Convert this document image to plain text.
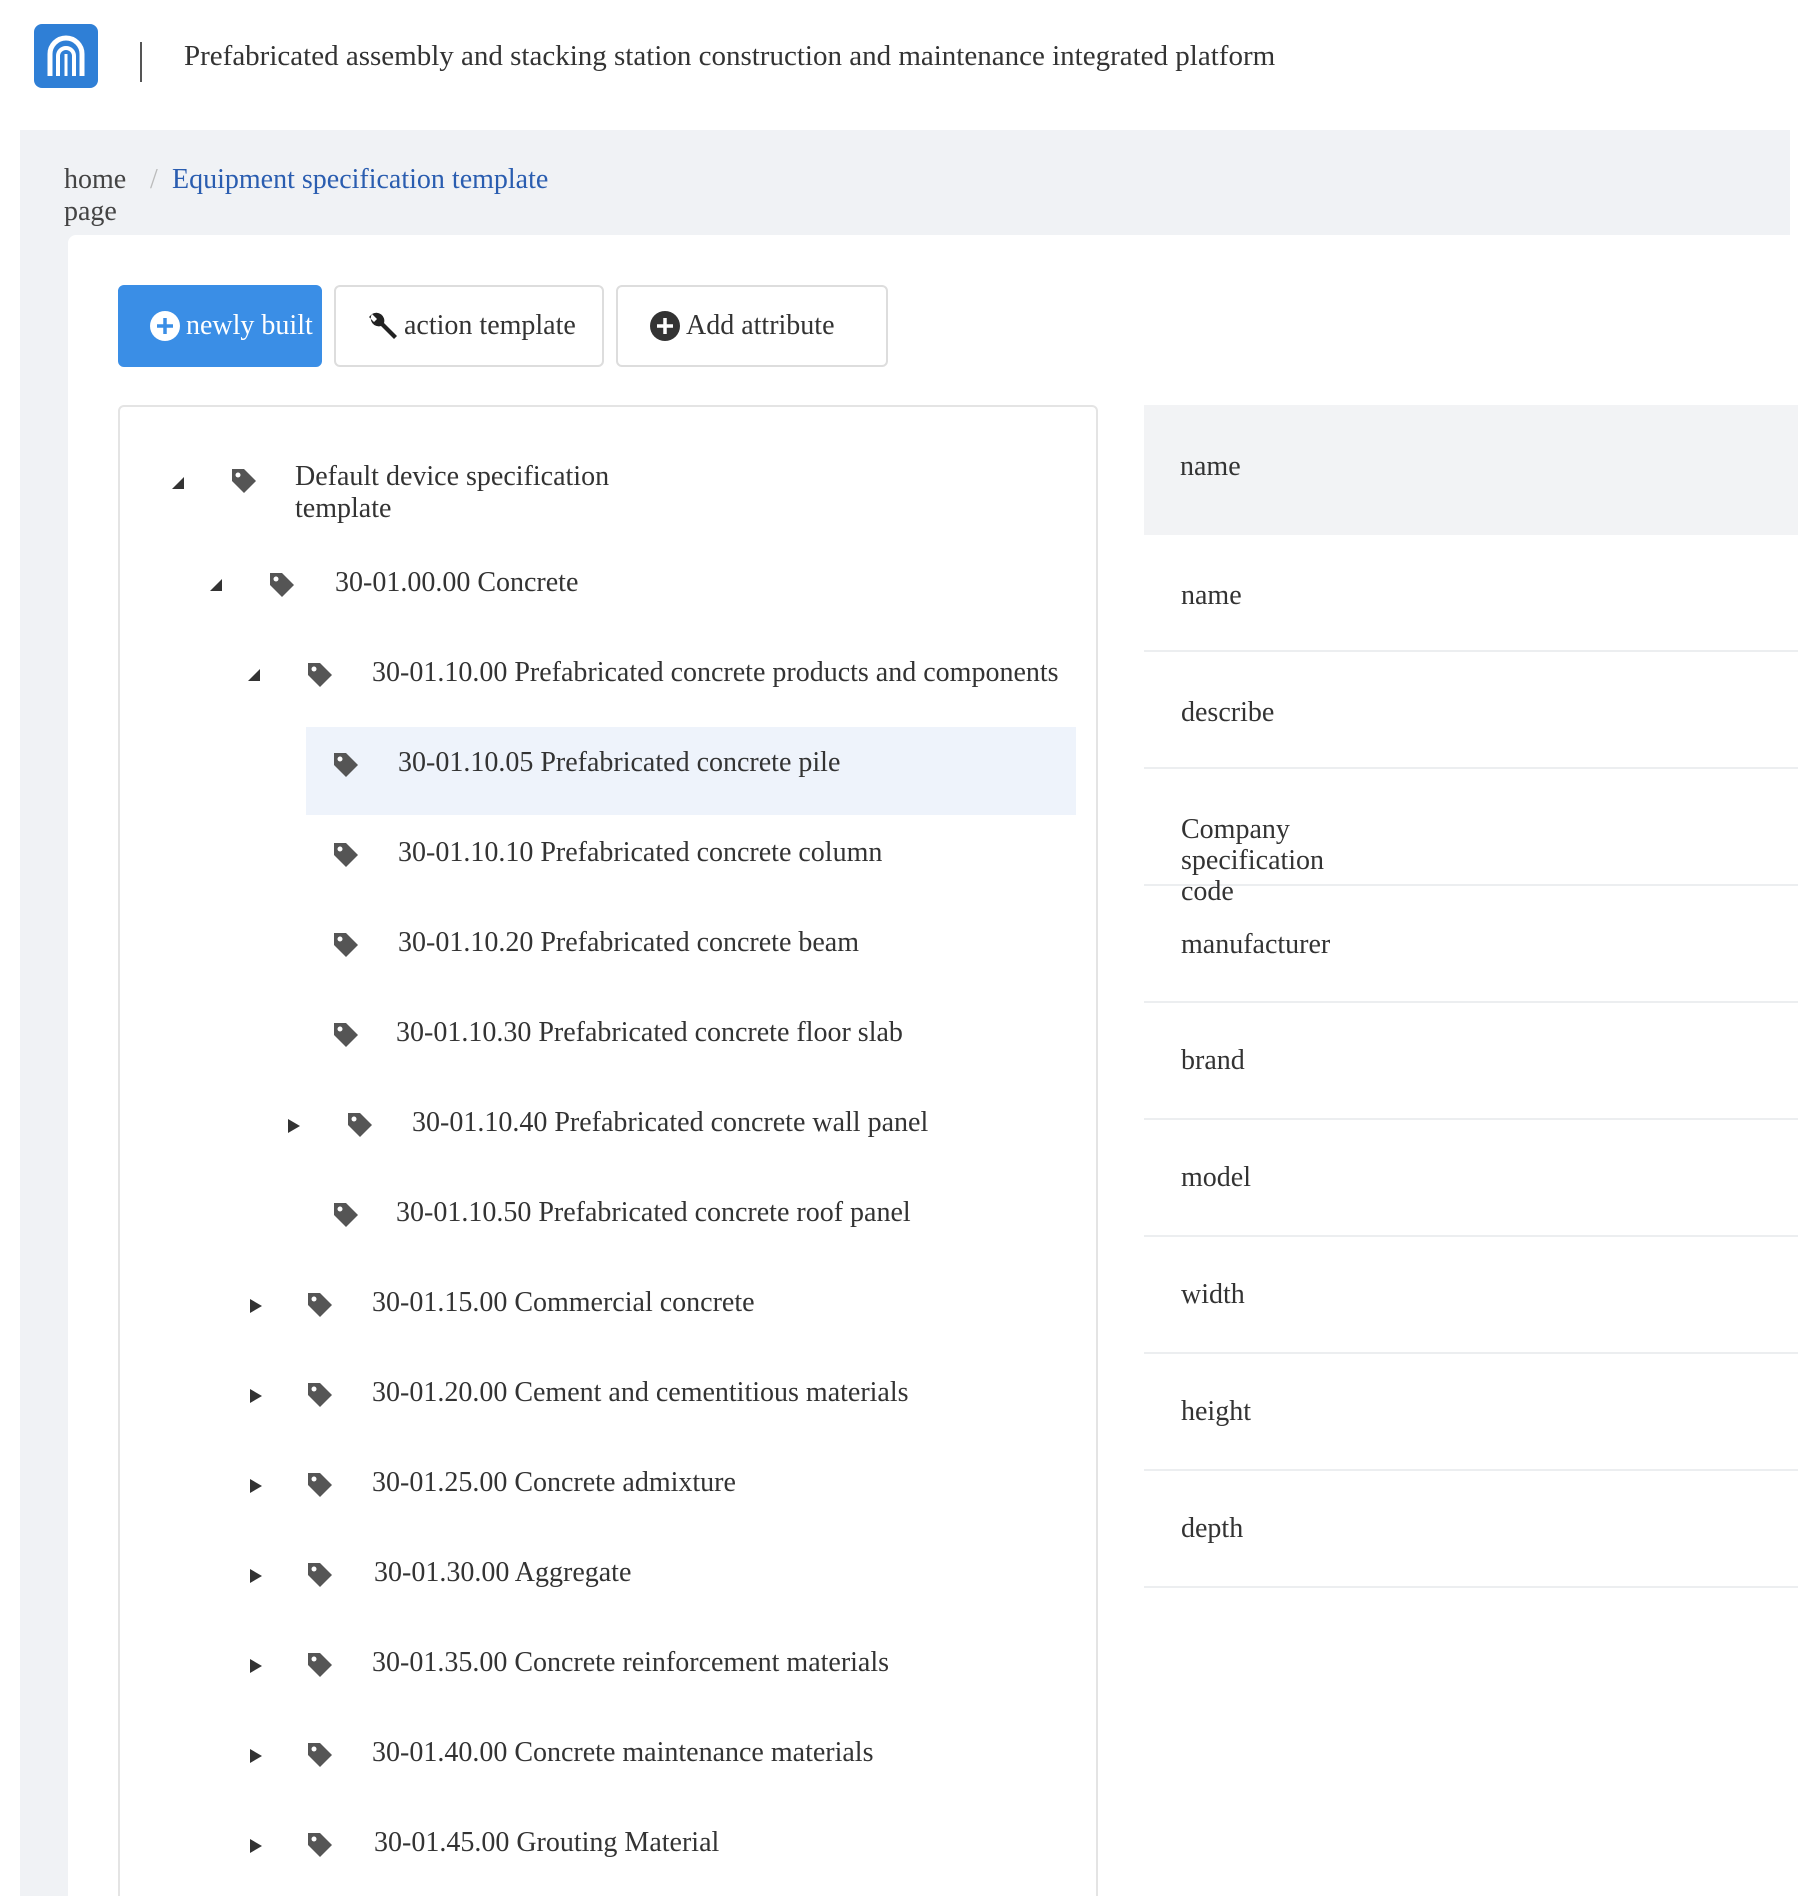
Prefabricated assembly and stacking station construction and maintenance integrated platform
home page
/ Equipment specification template
newly built	action template	Add attribute
Default device specification template
30-01.00.00 Concrete
30-01.10.00 Prefabricated concrete products and components
30-01.10.05 Prefabricated concrete pile
30-01.10.10 Prefabricated concrete column
30-01.10.20 Prefabricated concrete beam
30-01.10.30 Prefabricated concrete floor slab
30-01.10.40 Prefabricated concrete wall panel
30-01.10.50 Prefabricated concrete roof panel
30-01.15.00 Commercial concrete
30-01.20.00 Cement and cementitious materials
30-01.25.00 Concrete admixture
30-01.30.00 Aggregate
30-01.35.00 Concrete reinforcement materials
30-01.40.00 Concrete maintenance materials
30-01.45.00 Grouting Material
name
name
describe
Company specification code
manufacturer
brand
model
width
height
depth
